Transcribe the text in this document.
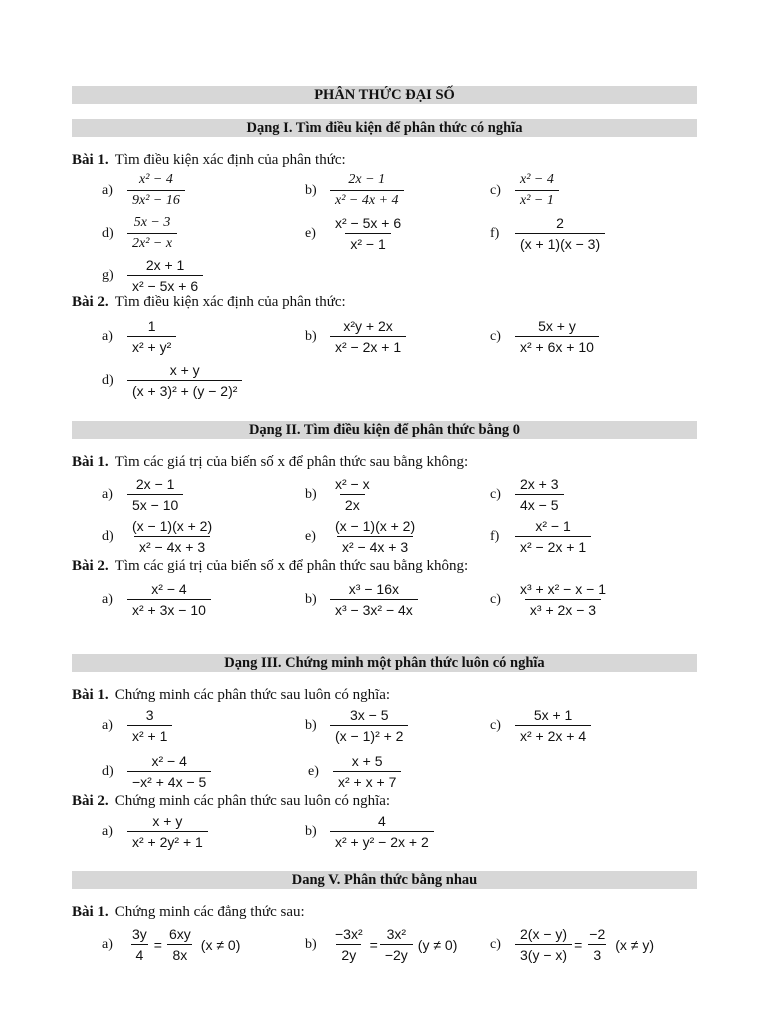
PHÂN THỨC ĐẠI SỐ
Dạng I. Tìm điều kiện để phân thức có nghĩa
Bài 1. Tìm điều kiện xác định của phân thức:
a)	$\frac{\text{x² − 4}}{\text{9x² − 16}}$	$b) \frac{2x - 1}{\text{x² − 4x + 4}}$	c)	$\frac{\text{x² − 4}}{\text{x² − 1}}$
$d) \frac{5x - 3}{\text{2x² − x}}$	e)	$\frac{\text{x² − 5x + 6}}{\text{x² − 1}}$	f)	$\frac{2}{(x + 1)(x - 3)}$
$g) \frac{2x + 1}{\text{x² − 5x + 6}}$
Bài 2. Tìm điều kiện xác định của phân thức:
a)	$\frac{1}{\text{x² + y²}}$	$b) \frac{\text{x²y + 2x}}{\text{x² − 2x + 1}}$	c)	$\frac{5x + y}{\text{x² + 6x + 10}}$
$d) \frac{x + y}{\text{(x + 3)² + (y − 2)²}}$
Dạng II. Tìm điều kiện để phân thức bằng 0
Bài 1. Tìm các giá trị của biến số x để phân thức sau bằng không:
a)	$\frac{2x - 1}{5x - 10}$	$b) \frac{\text{x² − x}}{2x}$	c)	$\frac{2x + 3}{4x - 5}$
$d) \frac{(x - 1)(x + 2)}{\text{x² − 4x + 3}}$	e)	$\frac{(x - 1)(x + 2)}{\text{x² − 4x + 3}}$	f)	$\frac{\text{x² − 1}}{\text{x² − 2x + 1}}$
Bài 2. Tìm các giá trị của biến số x để phân thức sau bằng không:
a)	$\frac{\text{x² − 4}}{\text{x² + 3x − 10}}$	$b) \frac{\text{x³ − 16x}}{\text{x³ − 3x² − 4x}}$	c)	$\frac{\text{x³ + x² − x − 1}}{\text{x³ + 2x − 3}}$
Dạng III. Chứng minh một phân thức luôn có nghĩa
Bài 1. Chứng minh các phân thức sau luôn có nghĩa:
a)	$\frac{3}{\text{x² + 1}}$	$b) \frac{3x - 5}{\text{(x − 1)² + 2}}$	c)	$\frac{5x + 1}{\text{x² + 2x + 4}}$
$d) \frac{\text{x² − 4}}{\text{−x² + 4x − 5}}$	e)	$\frac{x + 5}{\text{x² + x + 7}}$
Bài 2. Chứng minh các phân thức sau luôn có nghĩa:
a)	$\frac{x + y}{\text{x² + 2y² + 1}}$	$b) \frac{4}{\text{x² + y² − 2x + 2}}$
Dang V. Phân thức bằng nhau
Bài 1. Chứng minh các đẳng thức sau:
a)	$\frac{3y}{4} = \frac{6xy}{8x} (x \ne 0)$	$b) \frac{\text{−3x²}}{2y} = \frac{\text{3x²}}{-2y} (y \ne 0)$ c)	$\frac{2(x - y)}{3(y - x)} = \frac{-2}{3} (x \ne y)$
